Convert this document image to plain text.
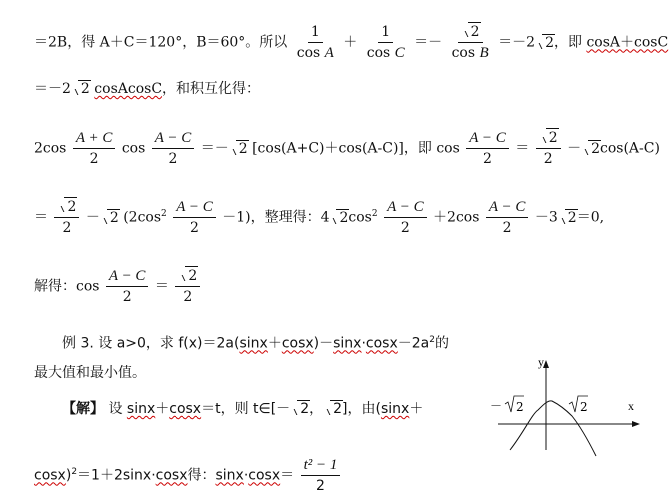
＝2B，得 A＋C＝120°，B＝60°。所以 $\frac{1}{\text{cos A}} + \frac{1}{\text{cos C}} =- \frac{2}{\text{cos B}} =-2$ 2，即 cosA＋cosC
＝－2 2 cosAcosC，和积互化得：
$2\cos \frac{A + C}{2}$ $\cos \frac{A - C}{2} =- 2$ [cos(A+C)＋cos(A-C)]，即 $\cos \frac{A - C}{2} = \frac{2}{2} - 2\cos(A-C)$
＝ $\frac{2}{2} - 2$ $(2\cos^2 \frac{A - C}{2} -1)$，整理得：4 $2\cos^2 \frac{A - C}{2} +2\cos \frac{A - C}{2} -3$ 2＝0,
解得：$\cos \frac{A - C}{2} = \frac{2}{2}$
例 3. 设 a>0，求 $f(x)=2a(\sin x+\cos x)-\sin x\cdot\cos x-2a^2$的
最大值和最小值。
【解】 设 sinx＋cosx＝t，则 t∈[－ 2， 2]，由(sinx＋
cosx)$^2$＝1＋2sinx·cosx得：$\sin x\cdot\cos x= \frac{\text{t² − 1}}{2}$
y
x
－ 2	2
